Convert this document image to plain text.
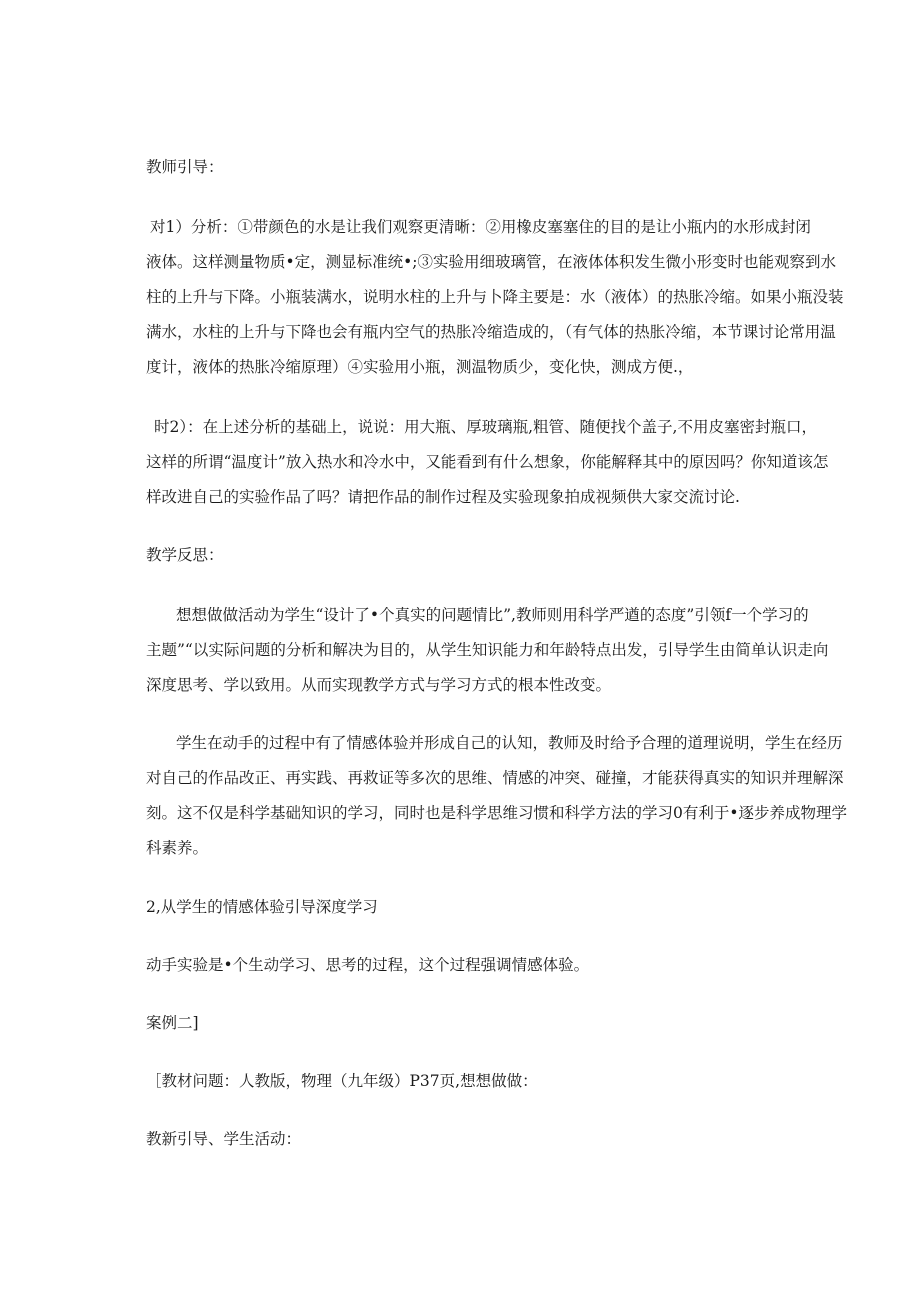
教师引导：

对1）分析：①带颜色的水是让我们观察更清晰：②用橡皮塞塞住的目的是让小瓶内的水形成封闭
液体。这样测量物质•定，测显标准统•;③实验用细玻璃管，在液体体积发生微小形变时也能观察到水
柱的上升与下降。小瓶装满水，说明水柱的上升与卜降主要是：水（液体）的热胀冷缩。如果小瓶没装
满水，水柱的上升与下降也会有瓶内空气的热胀冷缩造成的，（有气体的热胀冷缩，本节课讨论常用温
度计，液体的热胀冷缩原理）④实验用小瓶，测温物质少，变化快，测成方便.，
时2）：在上述分析的基础上，说说：用大瓶、厚玻璃瓶,粗管、随便找个盖子,不用皮塞密封瓶口，
这样的所谓“温度计”放入热水和冷水中，又能看到有什么想象，你能解释其中的原因吗？你知道该怎
样改进自己的实验作品了吗？请把作品的制作过程及实验现象拍成视频供大家交流讨论.

教学反思：

想想做做活动为学生“设计了•个真实的问题情比”,教师则用科学严遒的态度”引领f一个学习的
主题”“以实际问题的分析和解决为目的，从学生知识能力和年龄特点出发，引导学生由简单认识走向
深度思考、学以致用。从而实现教学方式与学习方式的根本性改变。
学生在动手的过程中有了情感体验并形成自己的认知，教师及时给予合理的道理说明，学生在经历
对自己的作品改正、再实践、再救证等多次的思维、情感的冲突、碰撞，才能获得真实的知识并理解深
刻。这不仅是科学基础知识的学习，同时也是科学思维习惯和科学方法的学习0有利于•逐步养成物理学
科素养。

2,从学生的情感体验引导深度学习

动手实验是•个生动学习、思考的过程，这个过程强调情感体验。

案例二]

［教材问题：人教版，物理（九年级）P37页,想想做做：

教新引导、学生活动：
